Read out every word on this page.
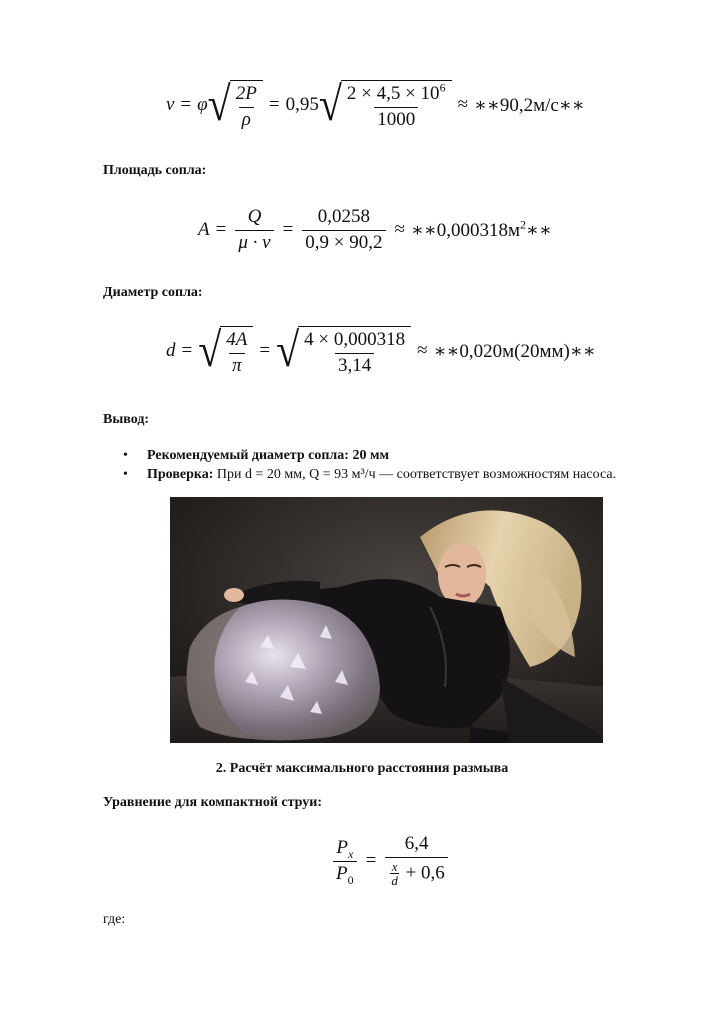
v = φ √ $\frac{2P}{\rho} = 0,95$ √ $\frac{2 \times 4,5 \times 10^6}{1000}$ ≈ ∗∗90,2м/с∗∗
Площадь сопла:
$A = \frac{Q}{\mu \cdot v} = \frac{0,0258}{0,9 \times 90,2}$ ≈ $∗∗0,000318м^2∗∗$
Диаметр сопла:
d = √ $\frac{4A}{\pi}$ = √ $\frac{4 \times 0,000318}{3,14}$ ≈ ∗∗0,020м(20мм)∗∗
Вывод:
• Рекомендуемый диаметр сопла: 20 мм
• Проверка: При d = 20 мм, Q = 93 м³/ч — соответствует возможностям насоса.
2. Расчёт максимального расстояния размыва
Уравнение для компактной струи:
$\frac{P_x}{P_0} = \frac{6,4}{\frac{x}{d} + 0,6}$
где:
